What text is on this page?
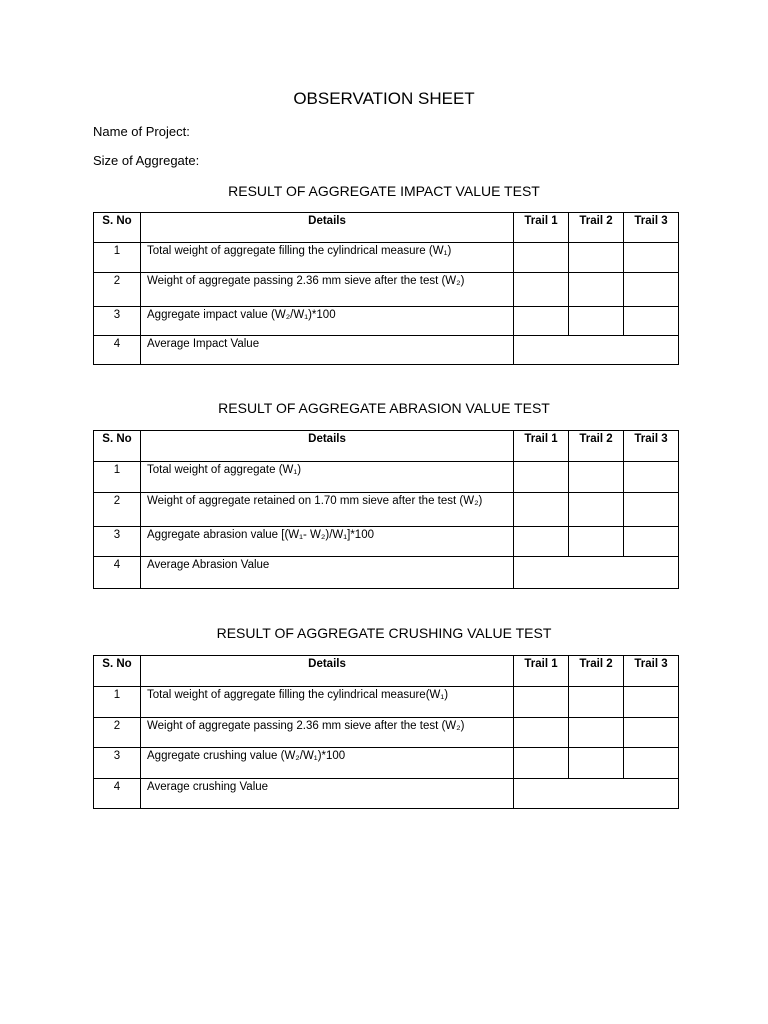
OBSERVATION SHEET
Name of Project:
Size of Aggregate:
RESULT OF AGGREGATE IMPACT VALUE TEST
S. No	Details	Trail 1	Trail 2	Trail 3
1	Total weight of aggregate filling the cylindrical measure (W₁)			
2	Weight of aggregate passing 2.36 mm sieve after the test (W₂)			
3	Aggregate impact value (W₂/W₁)*100			
4	Average Impact Value			
RESULT OF AGGREGATE ABRASION VALUE TEST
S. No	Details	Trail 1	Trail 2	Trail 3
1	Total weight of aggregate (W₁)			
2	Weight of aggregate retained on 1.70 mm sieve after the test (W₂)			
3	Aggregate abrasion value [(W₁- W₂)/W₁]*100			
4	Average Abrasion Value			
RESULT OF AGGREGATE CRUSHING VALUE TEST
S. No	Details	Trail 1	Trail 2	Trail 3
1	Total weight of aggregate filling the cylindrical measure(W₁)			
2	Weight of aggregate passing 2.36 mm sieve after the test (W₂)			
3	Aggregate crushing value (W₂/W₁)*100			
4	Average crushing Value			
